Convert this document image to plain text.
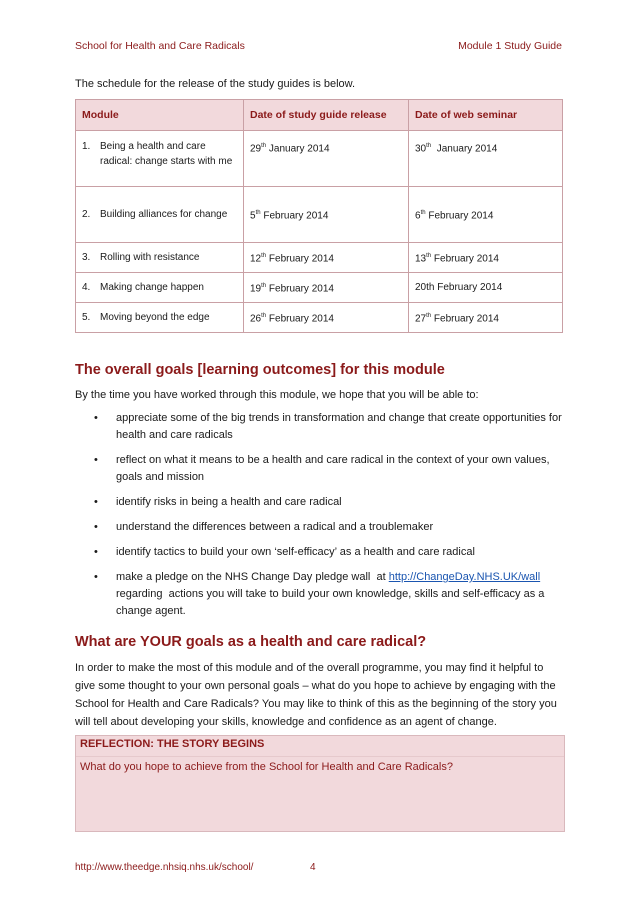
School for Health and Care Radicals	Module 1 Study Guide
The schedule for the release of the study guides is below.
Module	Date of study guide release	Date of web seminar

1. Being a health and care radical: change starts with me	29th January 2014	30th  January 2014

2. Building alliances for change	5th February 2014	6th February 2014

3. Rolling with resistance	12th February 2014	13th February 2014

4. Making change happen	19th February 2014	20th February 2014

5. Moving beyond the edge	26th February 2014	27th February 2014
The overall goals [learning outcomes] for this module
By the time you have worked through this module, we hope that you will be able to:
• appreciate some of the big trends in transformation and change that create opportunities for health and care radicals
• reflect on what it means to be a health and care radical in the context of your own values, goals and mission
• identify risks in being a health and care radical
• understand the differences between a radical and a troublemaker
• identify tactics to build your own ‘self-efficacy’ as a health and care radical
• make a pledge on the NHS Change Day pledge wall  at http://ChangeDay.NHS.UK/wall regarding  actions you will take to build your own knowledge, skills and self-efficacy as a change agent.
What are YOUR goals as a health and care radical?
In order to make the most of this module and of the overall programme, you may find it helpful to give some thought to your own personal goals – what do you hope to achieve by engaging with the School for Health and Care Radicals? You may like to think of this as the beginning of the story you will tell about developing your skills, knowledge and confidence as an agent of change.
REFLECTION: THE STORY BEGINS
What do you hope to achieve from the School for Health and Care Radicals?
http://www.theedge.nhsiq.nhs.uk/school/	4
